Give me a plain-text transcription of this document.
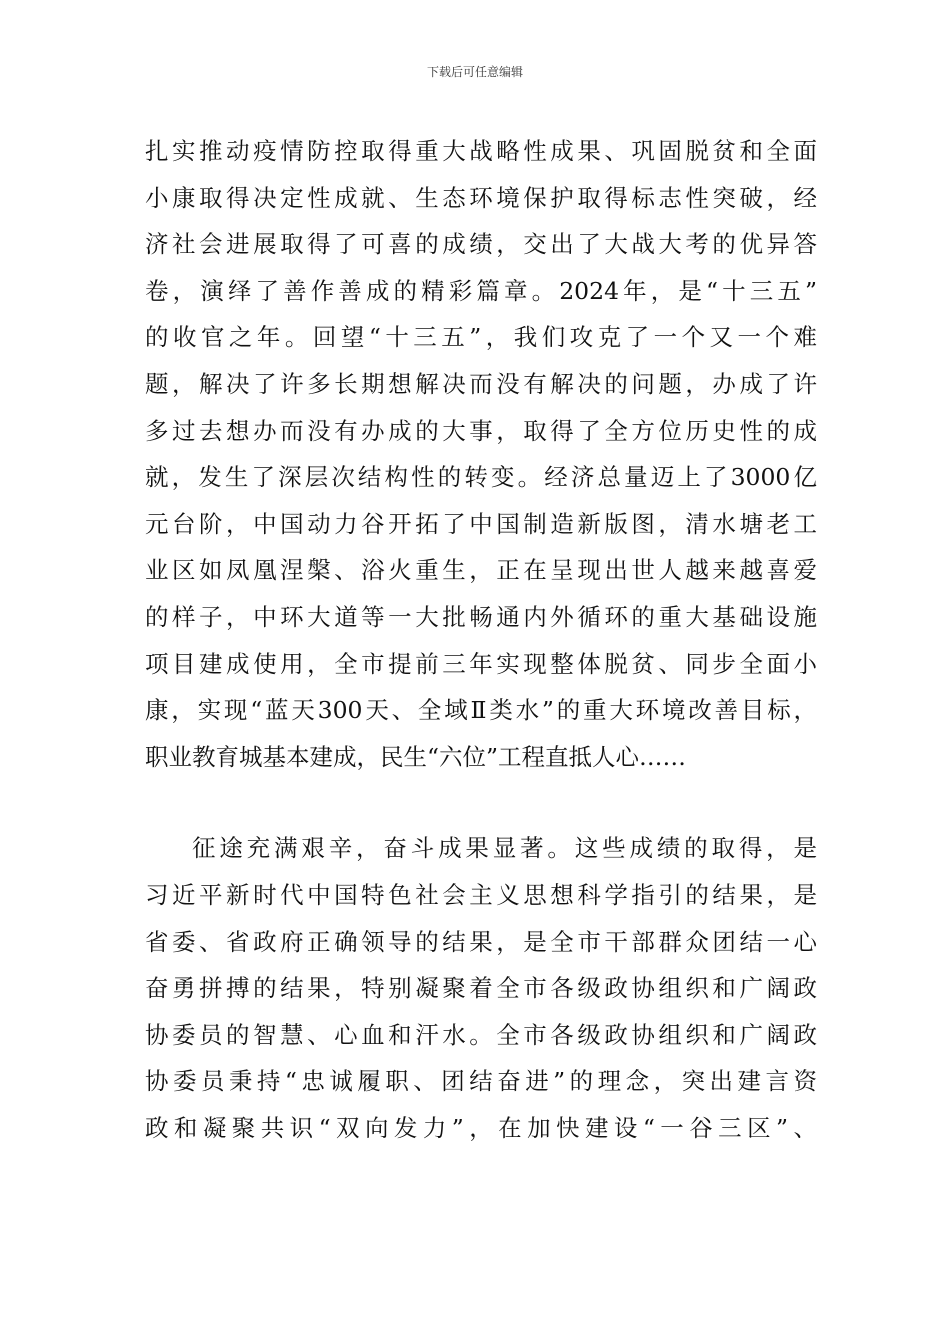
下载后可任意编辑
扎实推动疫情防控取得重大战略性成果、巩固脱贫和全面
小康取得决定性成就、生态环境保护取得标志性突破，经
济社会进展取得了可喜的成绩，交出了大战大考的优异答
卷，演绎了善作善成的精彩篇章。2024年，是“十三五”
的收官之年。回望“十三五”，我们攻克了一个又一个难
题，解决了许多长期想解决而没有解决的问题，办成了许
多过去想办而没有办成的大事，取得了全方位历史性的成
就，发生了深层次结构性的转变。经济总量迈上了3000亿
元台阶，中国动力谷开拓了中国制造新版图，清水塘老工
业区如凤凰涅槃、浴火重生，正在呈现出世人越来越喜爱
的样子，中环大道等一大批畅通内外循环的重大基础设施
项目建成使用，全市提前三年实现整体脱贫、同步全面小
康，实现“蓝天300天、全域Ⅱ类水”的重大环境改善目标，
职业教育城基本建成，民生“六位”工程直抵人心……
征途充满艰辛，奋斗成果显著。这些成绩的取得，是
习近平新时代中国特色社会主义思想科学指引的结果，是
省委、省政府正确领导的结果，是全市干部群众团结一心
奋勇拼搏的结果，特别凝聚着全市各级政协组织和广阔政
协委员的智慧、心血和汗水。全市各级政协组织和广阔政
协委员秉持“忠诚履职、团结奋进”的理念，突出建言资
政和凝聚共识“双向发力”，在加快建设“一谷三区”、
